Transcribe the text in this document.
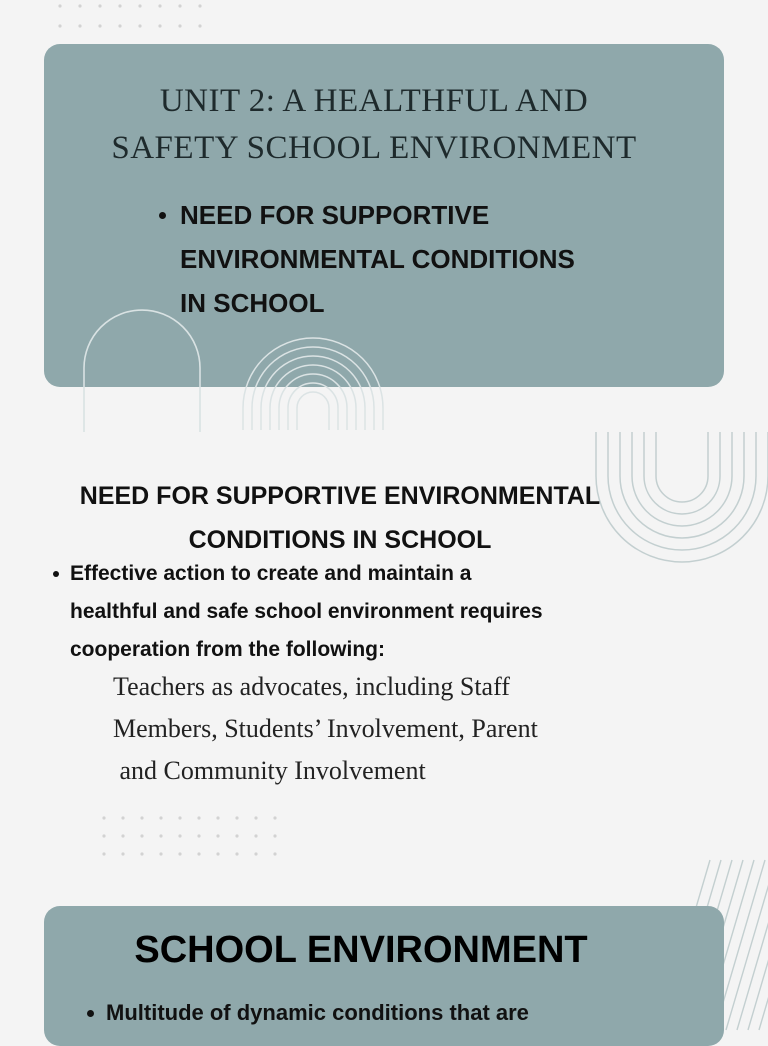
UNIT 2: A HEALTHFUL AND
SAFETY SCHOOL ENVIRONMENT
NEED FOR SUPPORTIVE
ENVIRONMENTAL CONDITIONS
IN SCHOOL
NEED FOR SUPPORTIVE ENVIRONMENTAL
CONDITIONS IN SCHOOL
Effective action to create and maintain a
healthful and safe school environment requires
cooperation from the following:
Teachers as advocates, including Staff
Members, Students’ Involvement, Parent
and Community Involvement
SCHOOL ENVIRONMENT
Multitude of dynamic conditions that are
